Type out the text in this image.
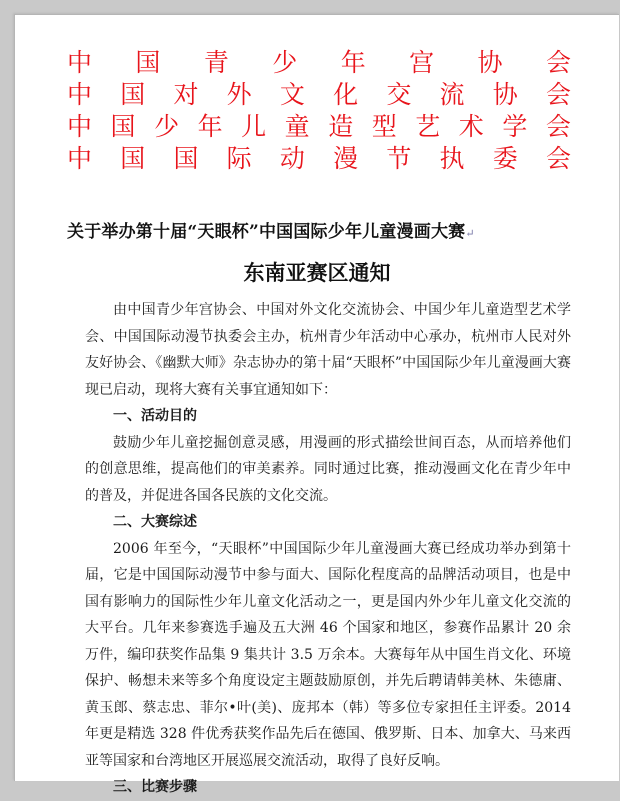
中 国 青 少 年 宫 协 会
中 国 对 外 文 化 交 流 协 会
中 国 少 年 儿 童 造 型 艺 术 学 会
中 国 国 际 动 漫 节 执 委 会
关于举办第十届“天眼杯”中国国际少年儿童漫画大赛↵
东南亚赛区通知

由中国青少年宫协会、中国对外文化交流协会、中国少年儿童造型艺术学会、中国国际动漫节执委会主办，杭州青少年活动中心承办，杭州市人民对外友好协会、《幽默大师》杂志协办的第十届“天眼杯”中国国际少年儿童漫画大赛现已启动，现将大赛有关事宜通知如下：

一、活动目的

鼓励少年儿童挖掘创意灵感，用漫画的形式描绘世间百态，从而培养他们的创意思维，提高他们的审美素养。同时通过比赛，推动漫画文化在青少年中的普及，并促进各国各民族的文化交流。

二、大赛综述

2006 年至今，“天眼杯”中国国际少年儿童漫画大赛已经成功举办到第十届，它是中国国际动漫节中参与面大、国际化程度高的品牌活动项目，也是中国有影响力的国际性少年儿童文化活动之一，更是国内外少年儿童文化交流的大平台。几年来参赛选手遍及五大洲 46 个国家和地区，参赛作品累计 20 余万件，编印获奖作品集 9 集共计 3.5 万余本。大赛每年从中国生肖文化、环境保护、畅想未来等多个角度设定主题鼓励原创，并先后聘请韩美林、朱德庸、黄玉郎、蔡志忠、菲尔•叶(美)、庞邦本（韩）等多位专家担任主评委。2014 年更是精选 328 件优秀获奖作品先后在德国、俄罗斯、日本、加拿大、马来西亚等国家和台湾地区开展巡展交流活动，取得了良好反响。

三、比赛步骤
